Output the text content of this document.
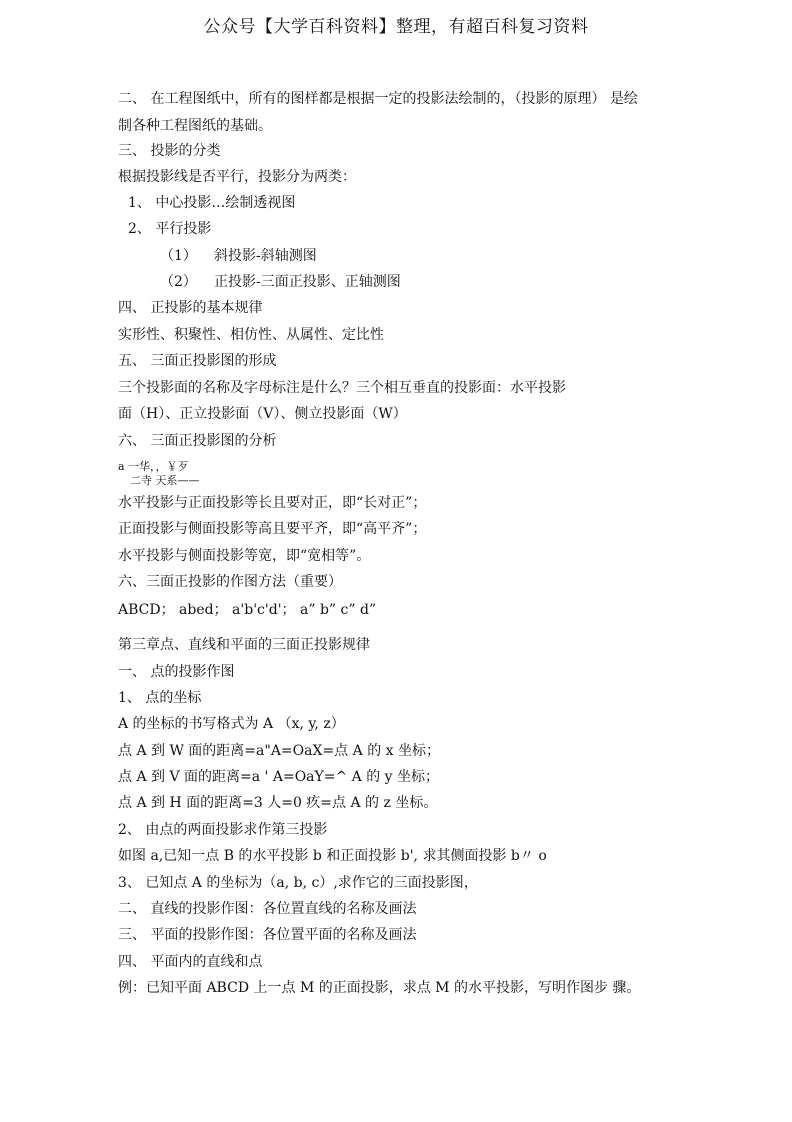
公众号【大学百科资料】整理，有超百科复习资料
二、 在工程图纸中，所有的图样都是根据一定的投影法绘制的，（投影的原理） 是绘
制各种工程图纸的基础。
三、 投影的分类
根据投影线是否平行，投影分为两类：
1、 中心投影…绘制透视图
2、 平行投影
（1） 斜投影-斜轴测图
（2） 正投影-三面正投影、正轴测图
四、 正投影的基本规律
实形性、积聚性、相仿性、从属性、定比性
五、 三面正投影图的形成
三个投影面的名称及字母标注是什么？三个相互垂直的投影面：水平投影
面（H）、正立投影面（V）、侧立投影面（W）
六、 三面正投影图的分析
a 一华，，￥歹
二寺 天系——
水平投影与正面投影等长且要对正，即“长对正”；
正面投影与侧面投影等高且要平齐，即“高平齐”；
水平投影与侧面投影等宽，即“宽相等”。
六、三面正投影的作图方法（重要）
ABCD； abed； a'b'c'd'； a” b” c” d”
第三章点、直线和平面的三面正投影规律
一、 点的投影作图
1、 点的坐标
A 的坐标的书写格式为 A （x, y, z）
点 A 到 W 面的距离=a"A=OaX=点 A 的 x 坐标；
点 A 到 V 面的距离=a ' A=OaY=^ A 的 y 坐标；
点 A 到 H 面的距离=3 人=0 疚=点 A 的 z 坐标。
2、 由点的两面投影求作第三投影
如图 a,已知一点 B 的水平投影 b 和正面投影 b', 求其侧面投影 b〃 o
3、 已知点 A 的坐标为（a, b, c）,求作它的三面投影图，
二、 直线的投影作图：各位置直线的名称及画法
三、 平面的投影作图：各位置平面的名称及画法
四、 平面内的直线和点
例：已知平面 ABCD 上一点 M 的正面投影，求点 M 的水平投影，写明作图步 骤。
